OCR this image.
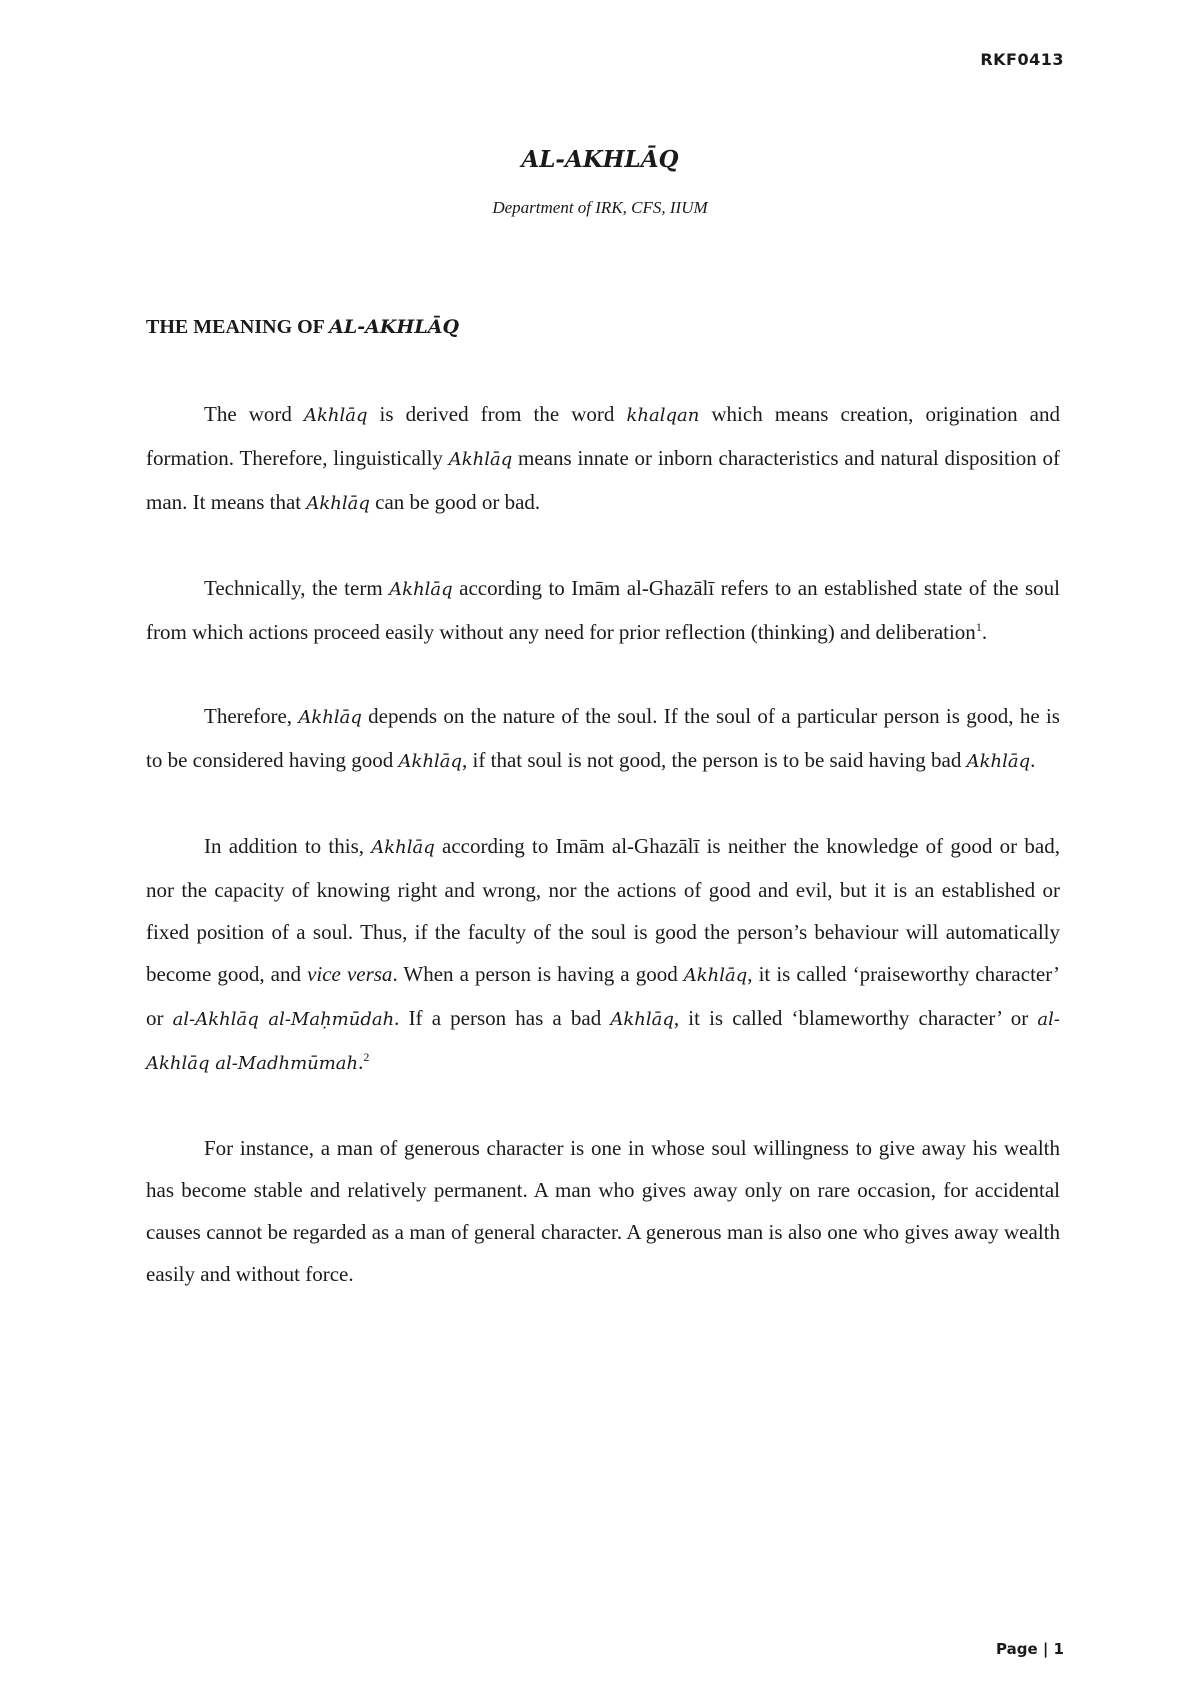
RKF0413
AL-AKHLĀQ
Department of IRK, CFS, IIUM
THE MEANING OF AL-AKHLĀQ

The word Akhlāq is derived from the word khalqan which means creation, origination and formation. Therefore, linguistically Akhlāq means innate or inborn characteristics and natural disposition of man. It means that Akhlāq can be good or bad.

Technically, the term Akhlāq according to Imām al-Ghazālī refers to an established state of the soul from which actions proceed easily without any need for prior reflection (thinking) and deliberation$^1$.

Therefore, Akhlāq depends on the nature of the soul. If the soul of a particular person is good, he is to be considered having good Akhlāq, if that soul is not good, the person is to be said having bad Akhlāq.

In addition to this, Akhlāq according to Imām al-Ghazālī is neither the knowledge of good or bad, nor the capacity of knowing right and wrong, nor the actions of good and evil, but it is an established or fixed position of a soul. Thus, if the faculty of the soul is good the person’s behaviour will automatically become good, and vice versa. When a person is having a good Akhlāq, it is called ‘praiseworthy character’ or al-Akhlāq al-Maḥmūdah. If a person has a bad Akhlāq, it is called ‘blameworthy character’ or al-Akhlāq al-Madhmūmah.$^2$

For instance, a man of generous character is one in whose soul willingness to give away his wealth has become stable and relatively permanent. A man who gives away only on rare occasion, for accidental causes cannot be regarded as a man of general character. A generous man is also one who gives away wealth easily and without force.

Page | 1
